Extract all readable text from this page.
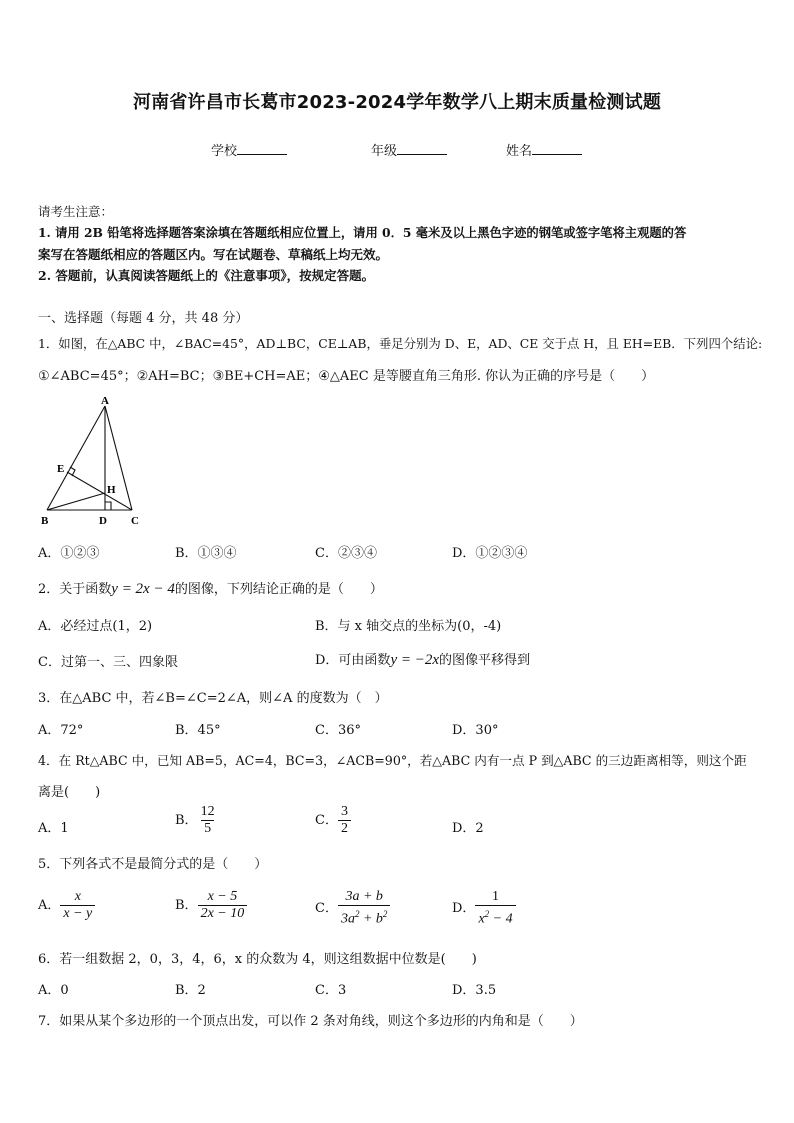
河南省许昌市长葛市2023-2024学年数学八上期末质量检测试题
学校	年级	姓名
请考生注意：
1. 请用 2B 铅笔将选择题答案涂填在答题纸相应位置上，请用 0．5 毫米及以上黑色字迹的钢笔或签字笔将主观题的答
案写在答题纸相应的答题区内。写在试题卷、草稿纸上均无效。
2. 答题前，认真阅读答题纸上的《注意事项》，按规定答题。
一、选择题（每题 4 分，共 48 分）
1．如图，在△ABC 中，∠BAC=45°，AD⊥BC，CE⊥AB，垂足分别为 D、E，AD、CE 交于点 H，且 EH=EB．下列四个结论:
①∠ABC=45°；②AH=BC；③BE+CH=AE；④△AEC 是等腰直角三角形. 你认为正确的序号是（　　）
A
B	C
D
E
H
A．①②③	B．①③④	C．②③④	D．①②③④
2．关于函数y = 2x − 4的图像，下列结论正确的是（　　）
A．必经过点(1，2)	B．与 x 轴交点的坐标为(0，-4)
C．过第一、三、四象限	D．可由函数y = −2x的图像平移得到
3．在△ABC 中，若∠B=∠C=2∠A，则∠A 的度数为（　）
A．72°	B．45°	C．36°	D．30°
4．在 Rt△ABC 中，已知 AB=5，AC=4，BC=3，∠ACB=90°，若△ABC 内有一点 P 到△ABC 的三边距离相等，则这个距
离是(　　)
A．1
B． $\frac{12}{5}$	C． $\frac{3}{2}$	D．2
5．下列各式不是最简分式的是（　　）
A． $\frac{x}{x - y}$	B． $\frac{x - 5}{2x - 10}$	C． $\frac{3a + b}{3a^2 + b^2}$	D． $\frac{1}{x^2 - 4}$
6．若一组数据 2，0，3，4，6，x 的众数为 4，则这组数据中位数是(　　)
A．0	B．2	C．3	D．3.5
7．如果从某个多边形的一个顶点出发，可以作 2 条对角线，则这个多边形的内角和是（　　）
